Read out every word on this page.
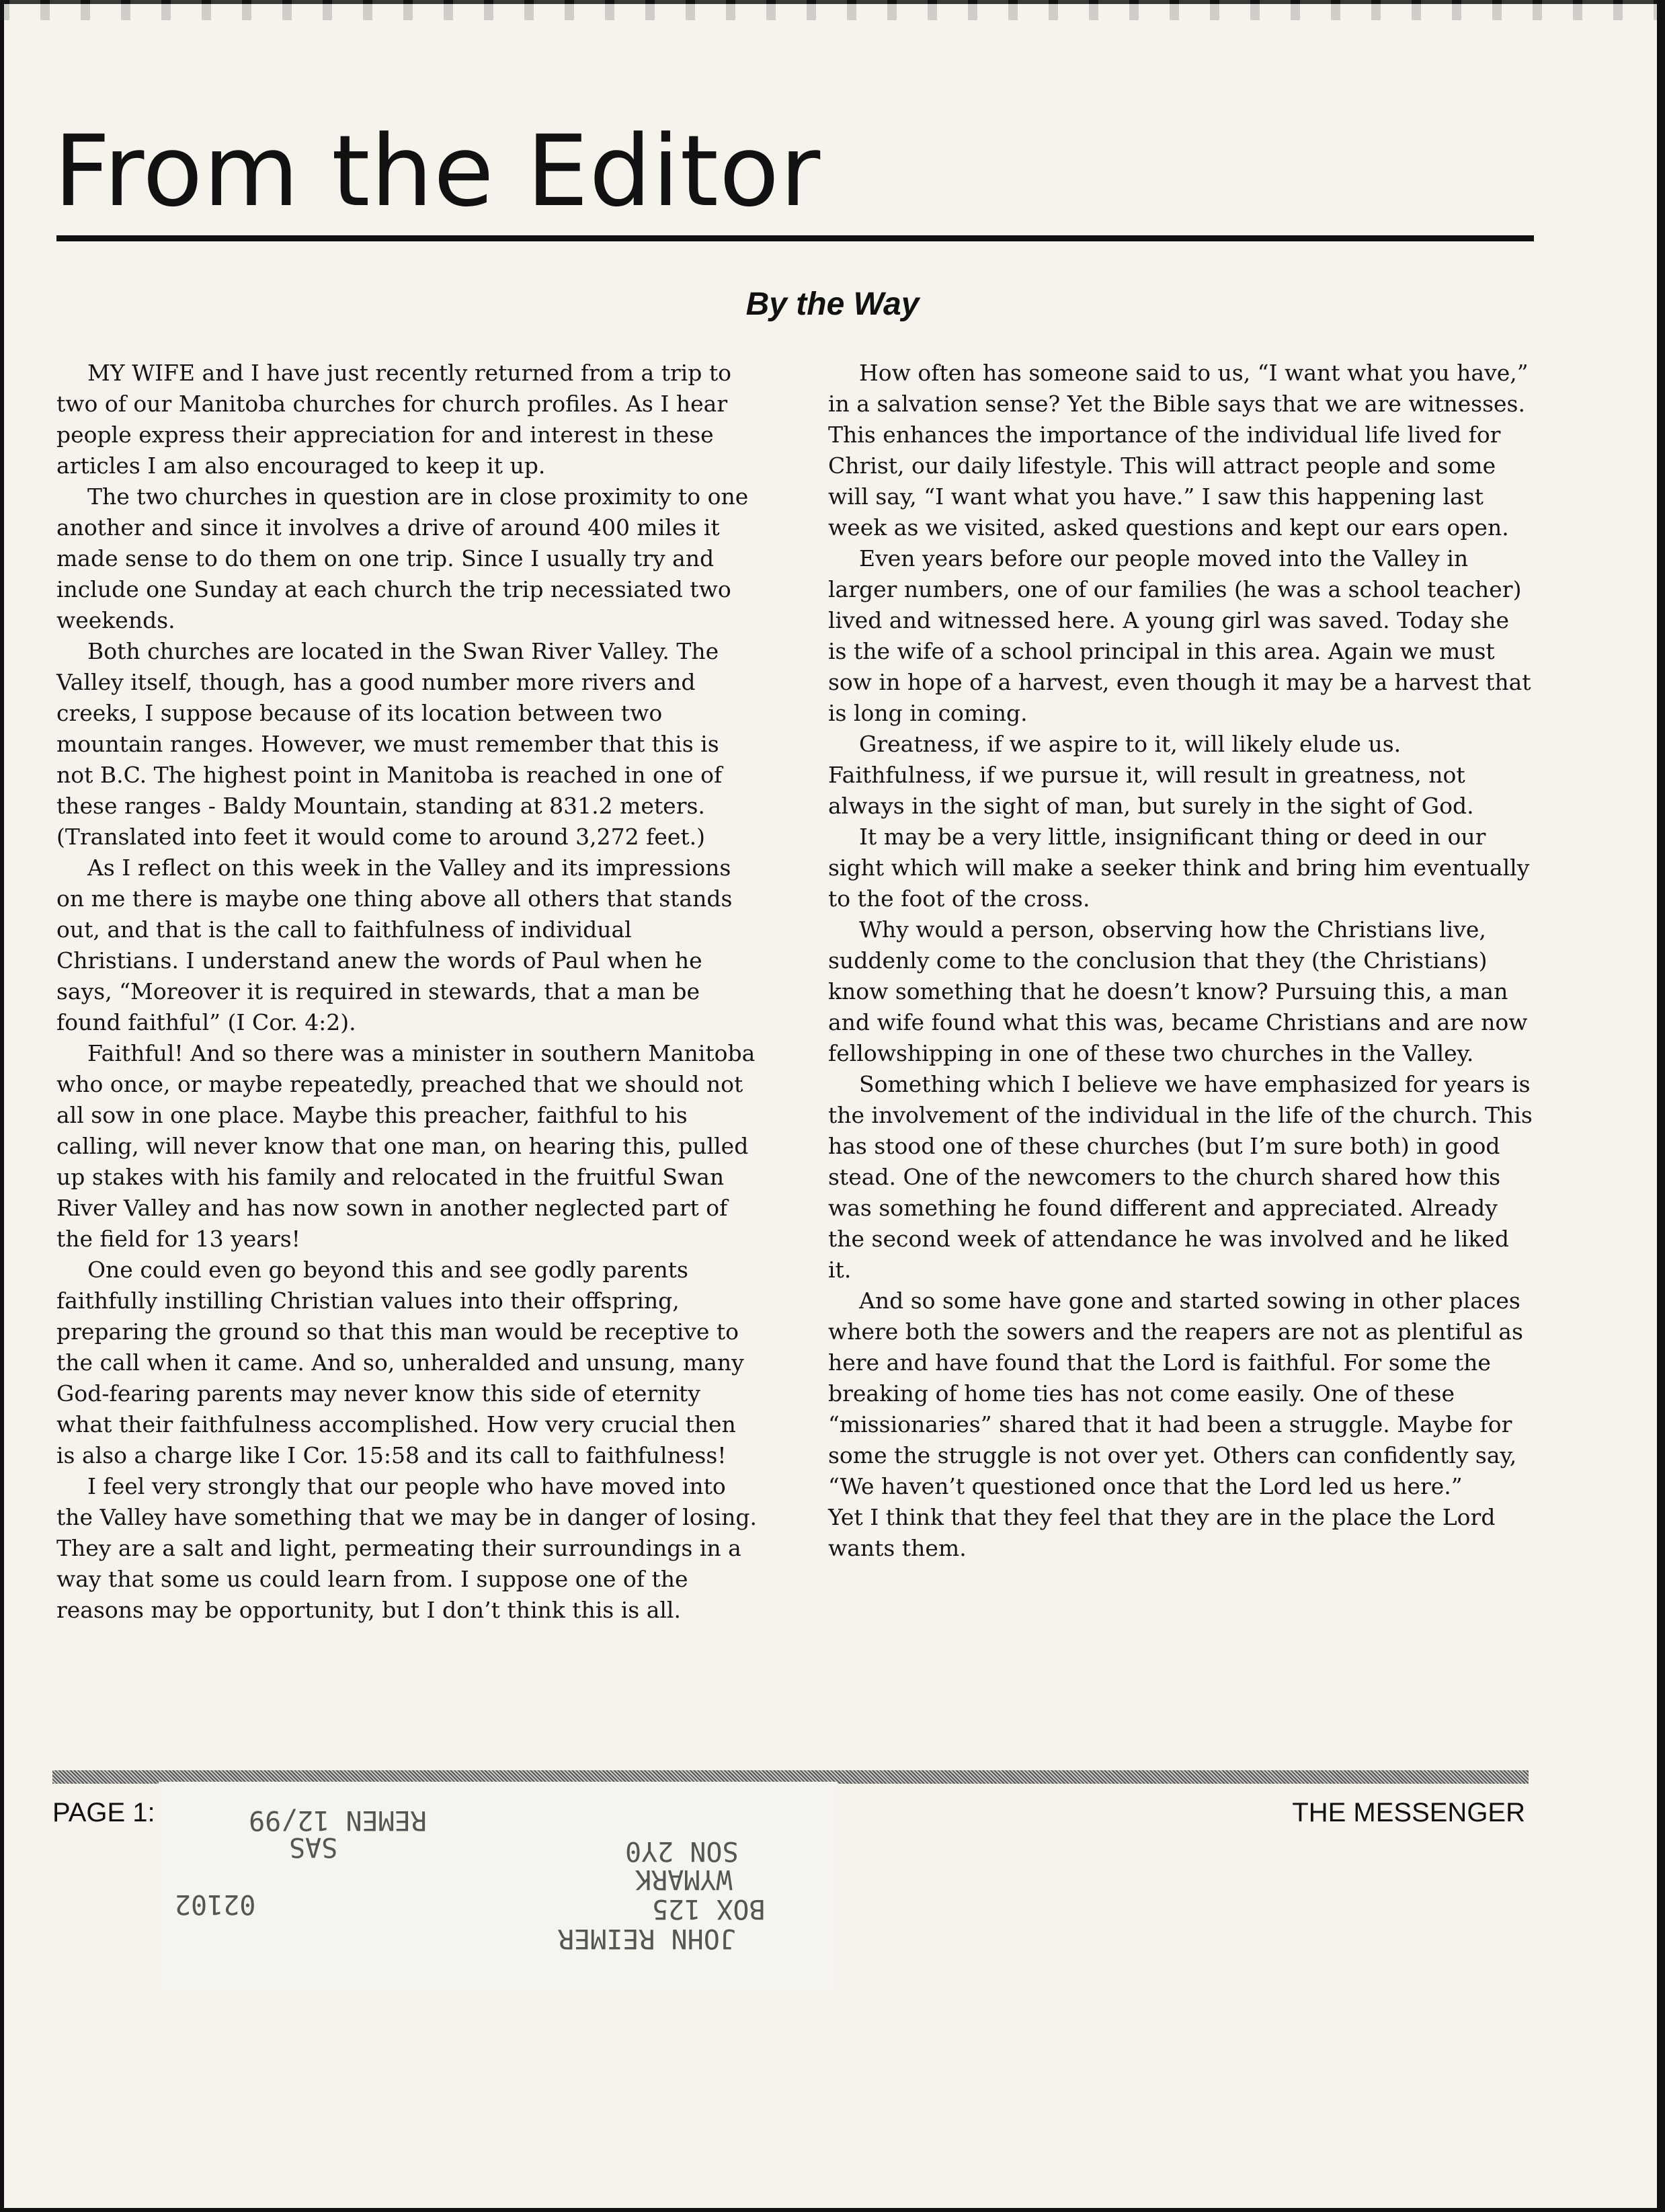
From the Editor
By the Way

MY WIFE and I have just recently returned from a trip to two of our Manitoba churches for church profiles. As I hear people express their appreciation for and interest in these articles I am also encouraged to keep it up.

The two churches in question are in close proximity to one another and since it involves a drive of around 400 miles it made sense to do them on one trip. Since I usually try and include one Sunday at each church the trip necessiated two weekends.

Both churches are located in the Swan River Valley. The Valley itself, though, has a good number more rivers and creeks, I suppose because of its location between two mountain ranges. However, we must remember that this is not B.C. The highest point in Manitoba is reached in one of these ranges - Baldy Mountain, standing at 831.2 meters. (Translated into feet it would come to around 3,272 feet.)

As I reflect on this week in the Valley and its impressions on me there is maybe one thing above all others that stands out, and that is the call to faithfulness of individual Christians. I understand anew the words of Paul when he says, “Moreover it is required in stewards, that a man be found faithful” (I Cor. 4:2).

Faithful! And so there was a minister in southern Manitoba who once, or maybe repeatedly, preached that we should not all sow in one place. Maybe this preacher, faithful to his calling, will never know that one man, on hearing this, pulled up stakes with his family and relocated in the fruitful Swan River Valley and has now sown in another neglected part of the field for 13 years!

One could even go beyond this and see godly parents faithfully instilling Christian values into their offspring, preparing the ground so that this man would be receptive to the call when it came. And so, unheralded and unsung, many God-fearing parents may never know this side of eternity what their faithfulness accomplished. How very crucial then is also a charge like I Cor. 15:58 and its call to faithfulness!

I feel very strongly that our people who have moved into the Valley have something that we may be in danger of losing. They are a salt and light, permeating their surroundings in a way that some us could learn from. I suppose one of the reasons may be opportunity, but I don’t think this is all.

How often has someone said to us, “I want what you have,” in a salvation sense? Yet the Bible says that we are witnesses. This enhances the importance of the individual life lived for Christ, our daily lifestyle. This will attract people and some will say, “I want what you have.” I saw this happening last week as we visited, asked questions and kept our ears open.

Even years before our people moved into the Valley in larger numbers, one of our families (he was a school teacher) lived and witnessed here. A young girl was saved. Today she is the wife of a school principal in this area. Again we must sow in hope of a harvest, even though it may be a harvest that is long in coming.

Greatness, if we aspire to it, will likely elude us. Faithfulness, if we pursue it, will result in greatness, not always in the sight of man, but surely in the sight of God.

It may be a very little, insignificant thing or deed in our sight which will make a seeker think and bring him eventually to the foot of the cross.

Why would a person, observing how the Christians live, suddenly come to the conclusion that they (the Christians) know something that he doesn’t know? Pursuing this, a man and wife found what this was, became Christians and are now fellowshipping in one of these two churches in the Valley.

Something which I believe we have emphasized for years is the involvement of the individual in the life of the church. This has stood one of these churches (but I’m sure both) in good stead. One of the newcomers to the church shared how this was something he found different and appreciated. Already the second week of attendance he was involved and he liked it.

And so some have gone and started sowing in other places where both the sowers and the reapers are not as plentiful as here and have found that the Lord is faithful. For some the breaking of home ties has not come easily. One of these “missionaries” shared that it had been a struggle. Maybe for some the struggle is not over yet. Others can confidently say, “We haven’t questioned once that the Lord led us here.”

Yet I think that they feel that they are in the place the Lord wants them.

PAGE 1:	THE MESSENGER
REMEN 12/99
SAS	SON 2Y0
WYMARK
02102	BOX 125
JOHN REIMER
